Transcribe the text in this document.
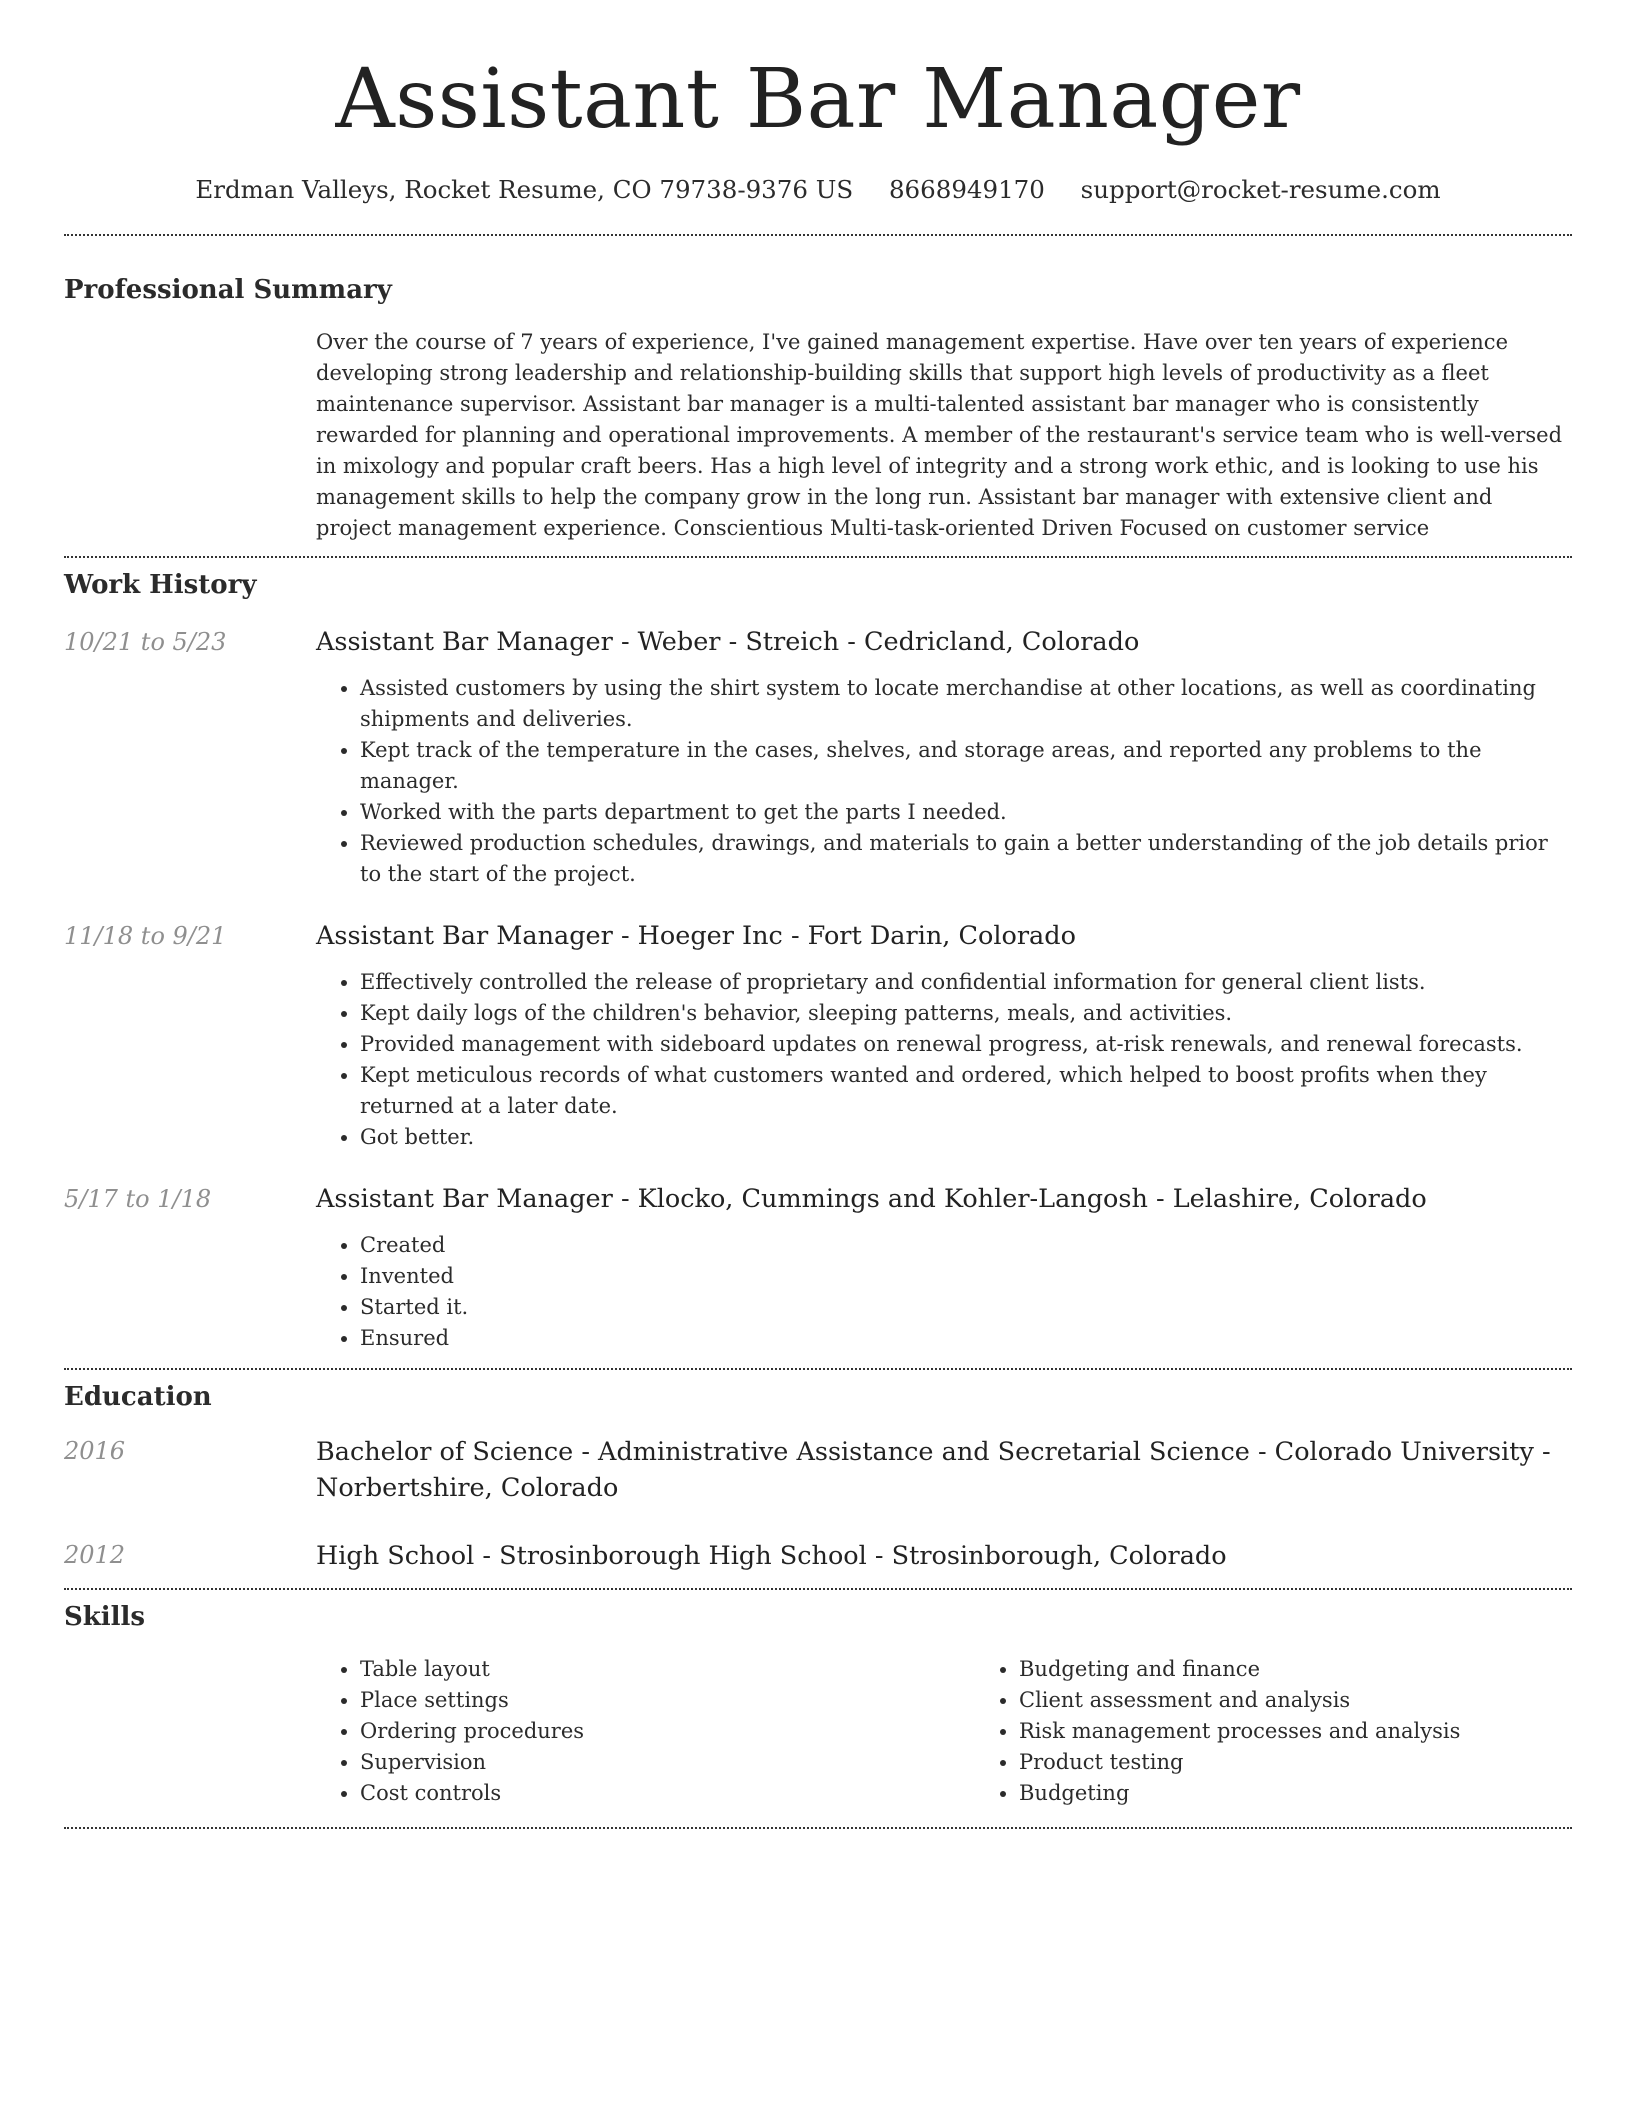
Assistant Bar Manager
Erdman Valleys, Rocket Resume, CO 79738-9376 US 8668949170 support@rocket-resume.com
Professional Summary

Over the course of 7 years of experience, I've gained management expertise. Have over ten years of experience developing strong leadership and relationship-building skills that support high levels of productivity as a fleet maintenance supervisor. Assistant bar manager is a multi-talented assistant bar manager who is consistently rewarded for planning and operational improvements. A member of the restaurant's service team who is well-versed in mixology and popular craft beers. Has a high level of integrity and a strong work ethic, and is looking to use his management skills to help the company grow in the long run. Assistant bar manager with extensive client and project management experience. Conscientious Multi-task-oriented Driven Focused on customer service

Work History
10/21 to 5/23	Assistant Bar Manager - Weber - Streich - Cedricland, Colorado
• Assisted customers by using the shirt system to locate merchandise at other locations, as well as coordinating shipments and deliveries.
• Kept track of the temperature in the cases, shelves, and storage areas, and reported any problems to the manager.
• Worked with the parts department to get the parts I needed.
• Reviewed production schedules, drawings, and materials to gain a better understanding of the job details prior to the start of the project.
11/18 to 9/21	Assistant Bar Manager - Hoeger Inc - Fort Darin, Colorado
• Effectively controlled the release of proprietary and confidential information for general client lists.
• Kept daily logs of the children's behavior, sleeping patterns, meals, and activities.
• Provided management with sideboard updates on renewal progress, at-risk renewals, and renewal forecasts.
• Kept meticulous records of what customers wanted and ordered, which helped to boost profits when they returned at a later date.
• Got better.
5/17 to 1/18	Assistant Bar Manager - Klocko, Cummings and Kohler-Langosh - Lelashire, Colorado
• Created
• Invented
• Started it.
• Ensured
Education
2016	Bachelor of Science - Administrative Assistance and Secretarial Science - Colorado University - Norbertshire, Colorado
2012	High School - Strosinborough High School - Strosinborough, Colorado
Skills
• Table layout
• Place settings
• Ordering procedures
• Supervision
• Cost controls
• Budgeting and finance
• Client assessment and analysis
• Risk management processes and analysis
• Product testing
• Budgeting
